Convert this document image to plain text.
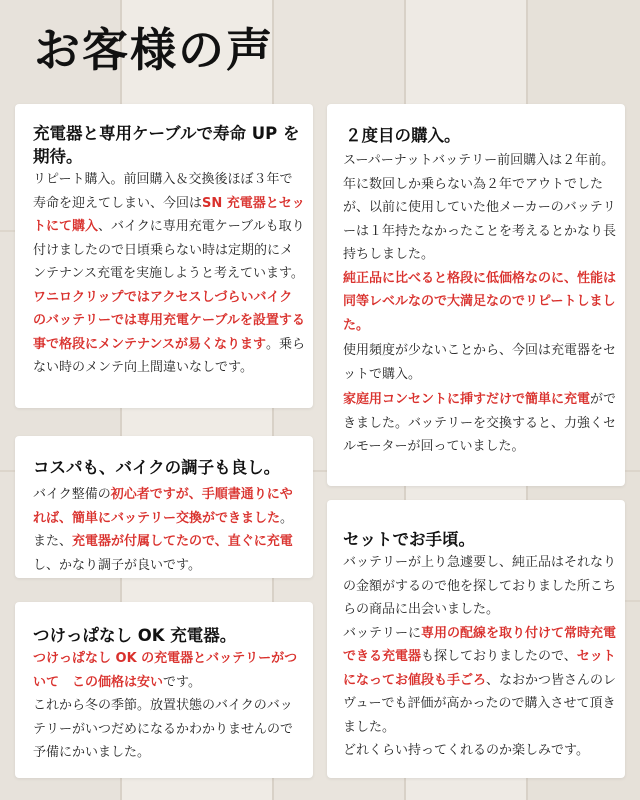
お客様の声
充電器と専用ケーブルで寿命 UP を期待。

リピート購入。前回購入＆交換後ほぼ３年で寿命を迎えてしまい、今回はSN 充電器とセットにて購入、バイクに専用充電ケーブルも取り付けましたので日頃乗らない時は定期的にメンテナンス充電を実施しようと考えています。ワニロクリップではアクセスしづらいバイクのバッテリーでは専用充電ケーブルを設置する事で格段にメンテナンスが易くなります。乗らない時のメンテ向上間違いなしです。

コスパも、バイクの調子も良し。

バイク整備の初心者ですが、手順書通りにやれば、簡単にバッテリー交換ができました。また、充電器が付属してたので、直ぐに充電し、かなり調子が良いです。

つけっぱなし OK 充電器。

つけっぱなし OK の充電器とバッテリーがついて　この価格は安いです。

これから冬の季節。放置状態のバイクのバッテリーがいつだめになるかわかりませんので 予備にかいました。

２度目の購入。

スーパーナットバッテリー前回購入は２年前。年に数回しか乗らない為２年でアウトでしたが、以前に使用していた他メーカーのバッテリーは１年持たなかったことを考えるとかなり長持ちしました。

純正品に比べると格段に低価格なのに、性能は同等レベルなので大満足なのでリピートしました。

使用頻度が少ないことから、今回は充電器をセットで購入。

家庭用コンセントに挿すだけで簡単に充電ができました。バッテリーを交換すると、力強くセルモーターが回っていました。

セットでお手頃。

バッテリーが上り急遽要し、純正品はそれなりの金額がするので他を探しておりました所こちらの商品に出会いました。

バッテリーに専用の配線を取り付けて常時充電できる充電器も探しておりましたので、セットになってお値段も手ごろ、なおかつ皆さんのレヴューでも評価が高かったので購入させて頂きました。

どれくらい持ってくれるのか楽しみです。
